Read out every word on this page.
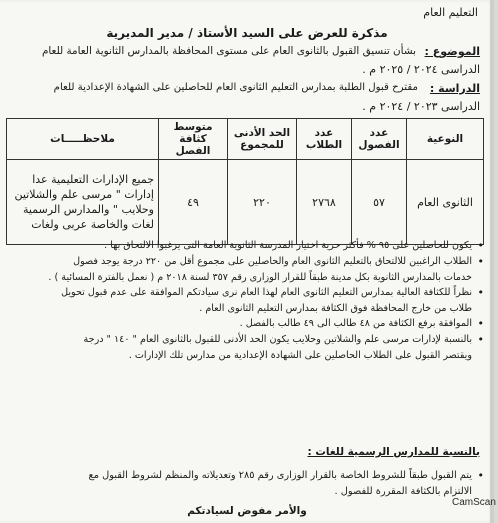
التعليم العام
مذكرة للعرض على السيد الأستاذ / مدير المديرية
الموضوع :
بشأن تنسيق القبول بالثانوى العام على مستوى المحافظة بالمدارس الثانوية العامة للعام
الدراسى ٢٠٢٤ / ٢٠٢٥ م .
الدراسة :
مقترح قبول الطلبة بمدارس التعليم الثانوى العام للحاصلين على الشهادة الإعدادية للعام
الدراسى ٢٠٢٣ / ٢٠٢٤ م .
النوعية	عدد الفصول	عدد الطلاب	الحد الأدنى للمجموع	متوسط كثافة الفصل	ملاحظـــــات
الثانوى العام	٥٧	٢٧٦٨	٢٢٠	٤٩	جميع الإدارات التعليمية عدا
إدارات " مرسى علم والشلاتين
وحلايب " والمدارس الرسمية
لغات والخاصة عربى ولغات
• يكون للحاصلين على ٩٥ % فأكثر حرية اختيار المدرسة الثانوية العامة التى يرغبوا الالتحاق بها .
• الطلاب الراغبين للالتحاق بالتعليم الثانوى العام والحاصلين على مجموع أقل من ٢٢٠ درجة يوجد فصول
خدمات بالمدارس الثانوية بكل مدينة طبقاً للقرار الوزارى رقم ٣٥٧ لسنة ٢٠١٨ م ( نعمل بالفترة المسائية ) .
• نظراً للكثافة العالية بمدارس التعليم الثانوى العام لهذا العام نرى سيادتكم الموافقة على عدم قبول تحويل
طلاب من خارج المحافظة فوق الكثافة بمدارس التعليم الثانوى العام .
• الموافقة برفع الكثافة من ٤٨ طالب الى ٤٩ طالب بالفصل .
• بالنسبة لإدارات مرسى علم والشلاتين وحلايب يكون الحد الأدنى للقبول بالثانوى العام " ١٤٠ " درجة
ويقتصر القبول على الطلاب الحاصلين على الشهادة الإعدادية من مدارس تلك الإدارات .
بالنسبة للمدارس الرسمية للغات :
• يتم القبول طبقاً للشروط الخاصة بالقرار الوزارى رقم ٢٨٥ وتعديلاته والمنظم لشروط القبول مع
الالتزام بالكثافة المقررة للفصول .
والأمر مفوض لسيادتكم
CamScan
